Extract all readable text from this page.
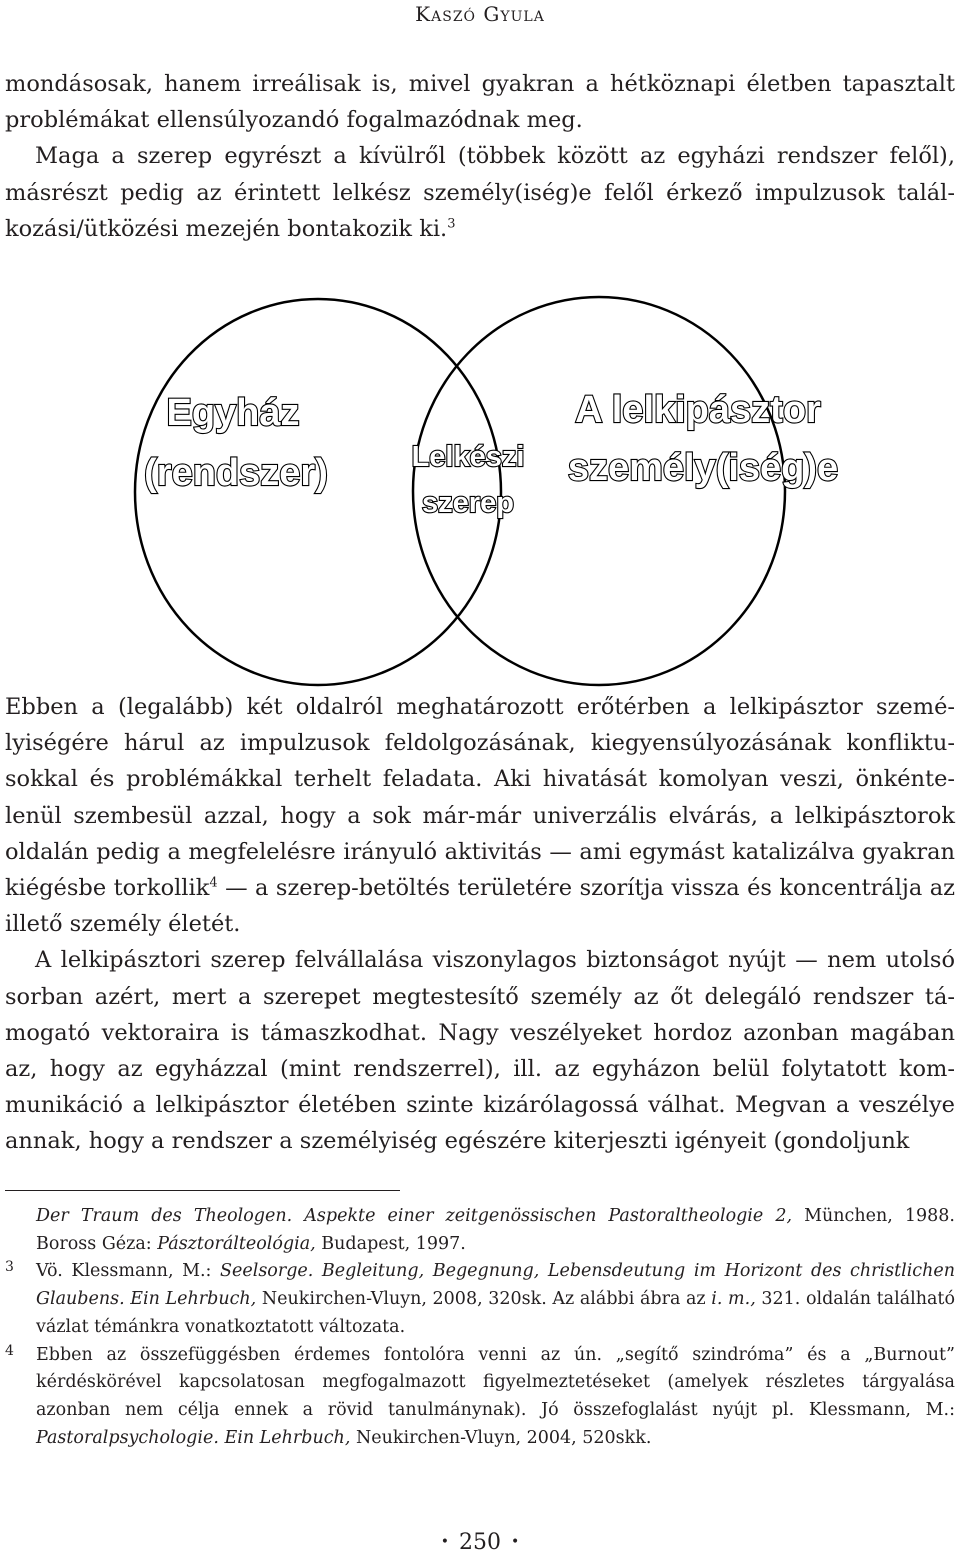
Kaszó Gyula

mondásosak, hanem irreálisak is, mivel gyakran a hétköznapi életben tapasztalt problémákat ellensúlyozandó fogalmazódnak meg.

Maga a szerep egyrészt a kívülről (többek között az egyházi rendszer felől), másrészt pedig az érintett lelkész személy(iség)e felől érkező impulzusok találkozási/ütközési mezején bontakozik ki.$^3$

Egyház
(rendszer)	Lelkészi
szerep
A lelkipásztor
személy(iség)e

Ebben a (legalább) két oldalról meghatározott erőtérben a lelkipásztor személyiségére hárul az impulzusok feldolgozásának, kiegyensúlyozásának konfliktusokkal és problémákkal terhelt feladata. Aki hivatását komolyan veszi, önkéntelenül szembesül azzal, hogy a sok már-már univerzális elvárás, a lelkipásztorok oldalán pedig a megfelelésre irányuló aktivitás — ami egymást katalizálva gyakran kiégésbe torkollik$^4$ — a szerep-betöltés területére szorítja vissza és koncentrálja az illető személy életét.

A lelkipásztori szerep felvállalása viszonylagos biztonságot nyújt — nem utolsó sorban azért, mert a szerepet megtestesítő személy az őt delegáló rendszer támogató vektoraira is támaszkodhat. Nagy veszélyeket hordoz azonban magában az, hogy az egyházzal (mint rendszerrel), ill. az egyházon belül folytatott kommunikáció a lelkipásztor életében szinte kizárólagossá válhat. Megvan a veszélye annak, hogy a rendszer a személyiség egészére kiterjeszti igényeit (gondoljunk

Der Traum des Theologen. Aspekte einer zeitgenössischen Pastoraltheologie 2, München, 1988. Boross Géza: Pásztorálteológia, Budapest, 1997.
3 Vö. Klessmann, M.: Seelsorge. Begleitung, Begegnung, Lebensdeutung im Horizont des christlichen Glaubens. Ein Lehrbuch, Neukirchen-Vluyn, 2008, 320sk. Az alábbi ábra az i. m., 321. oldalán található vázlat témánkra vonatkoztatott változata.
4 Ebben az összefüggésben érdemes fontolóra venni az ún. „segítő szindróma” és a „Burnout” kérdéskörével kapcsolatosan megfogalmazott figyelmeztetéseket (amelyek részletes tárgyalása azonban nem célja ennek a rövid tanulmánynak). Jó összefoglalást nyújt pl. Klessmann, M.: Pastoralpsychologie. Ein Lehrbuch, Neukirchen-Vluyn, 2004, 520skk.
• 250 •
